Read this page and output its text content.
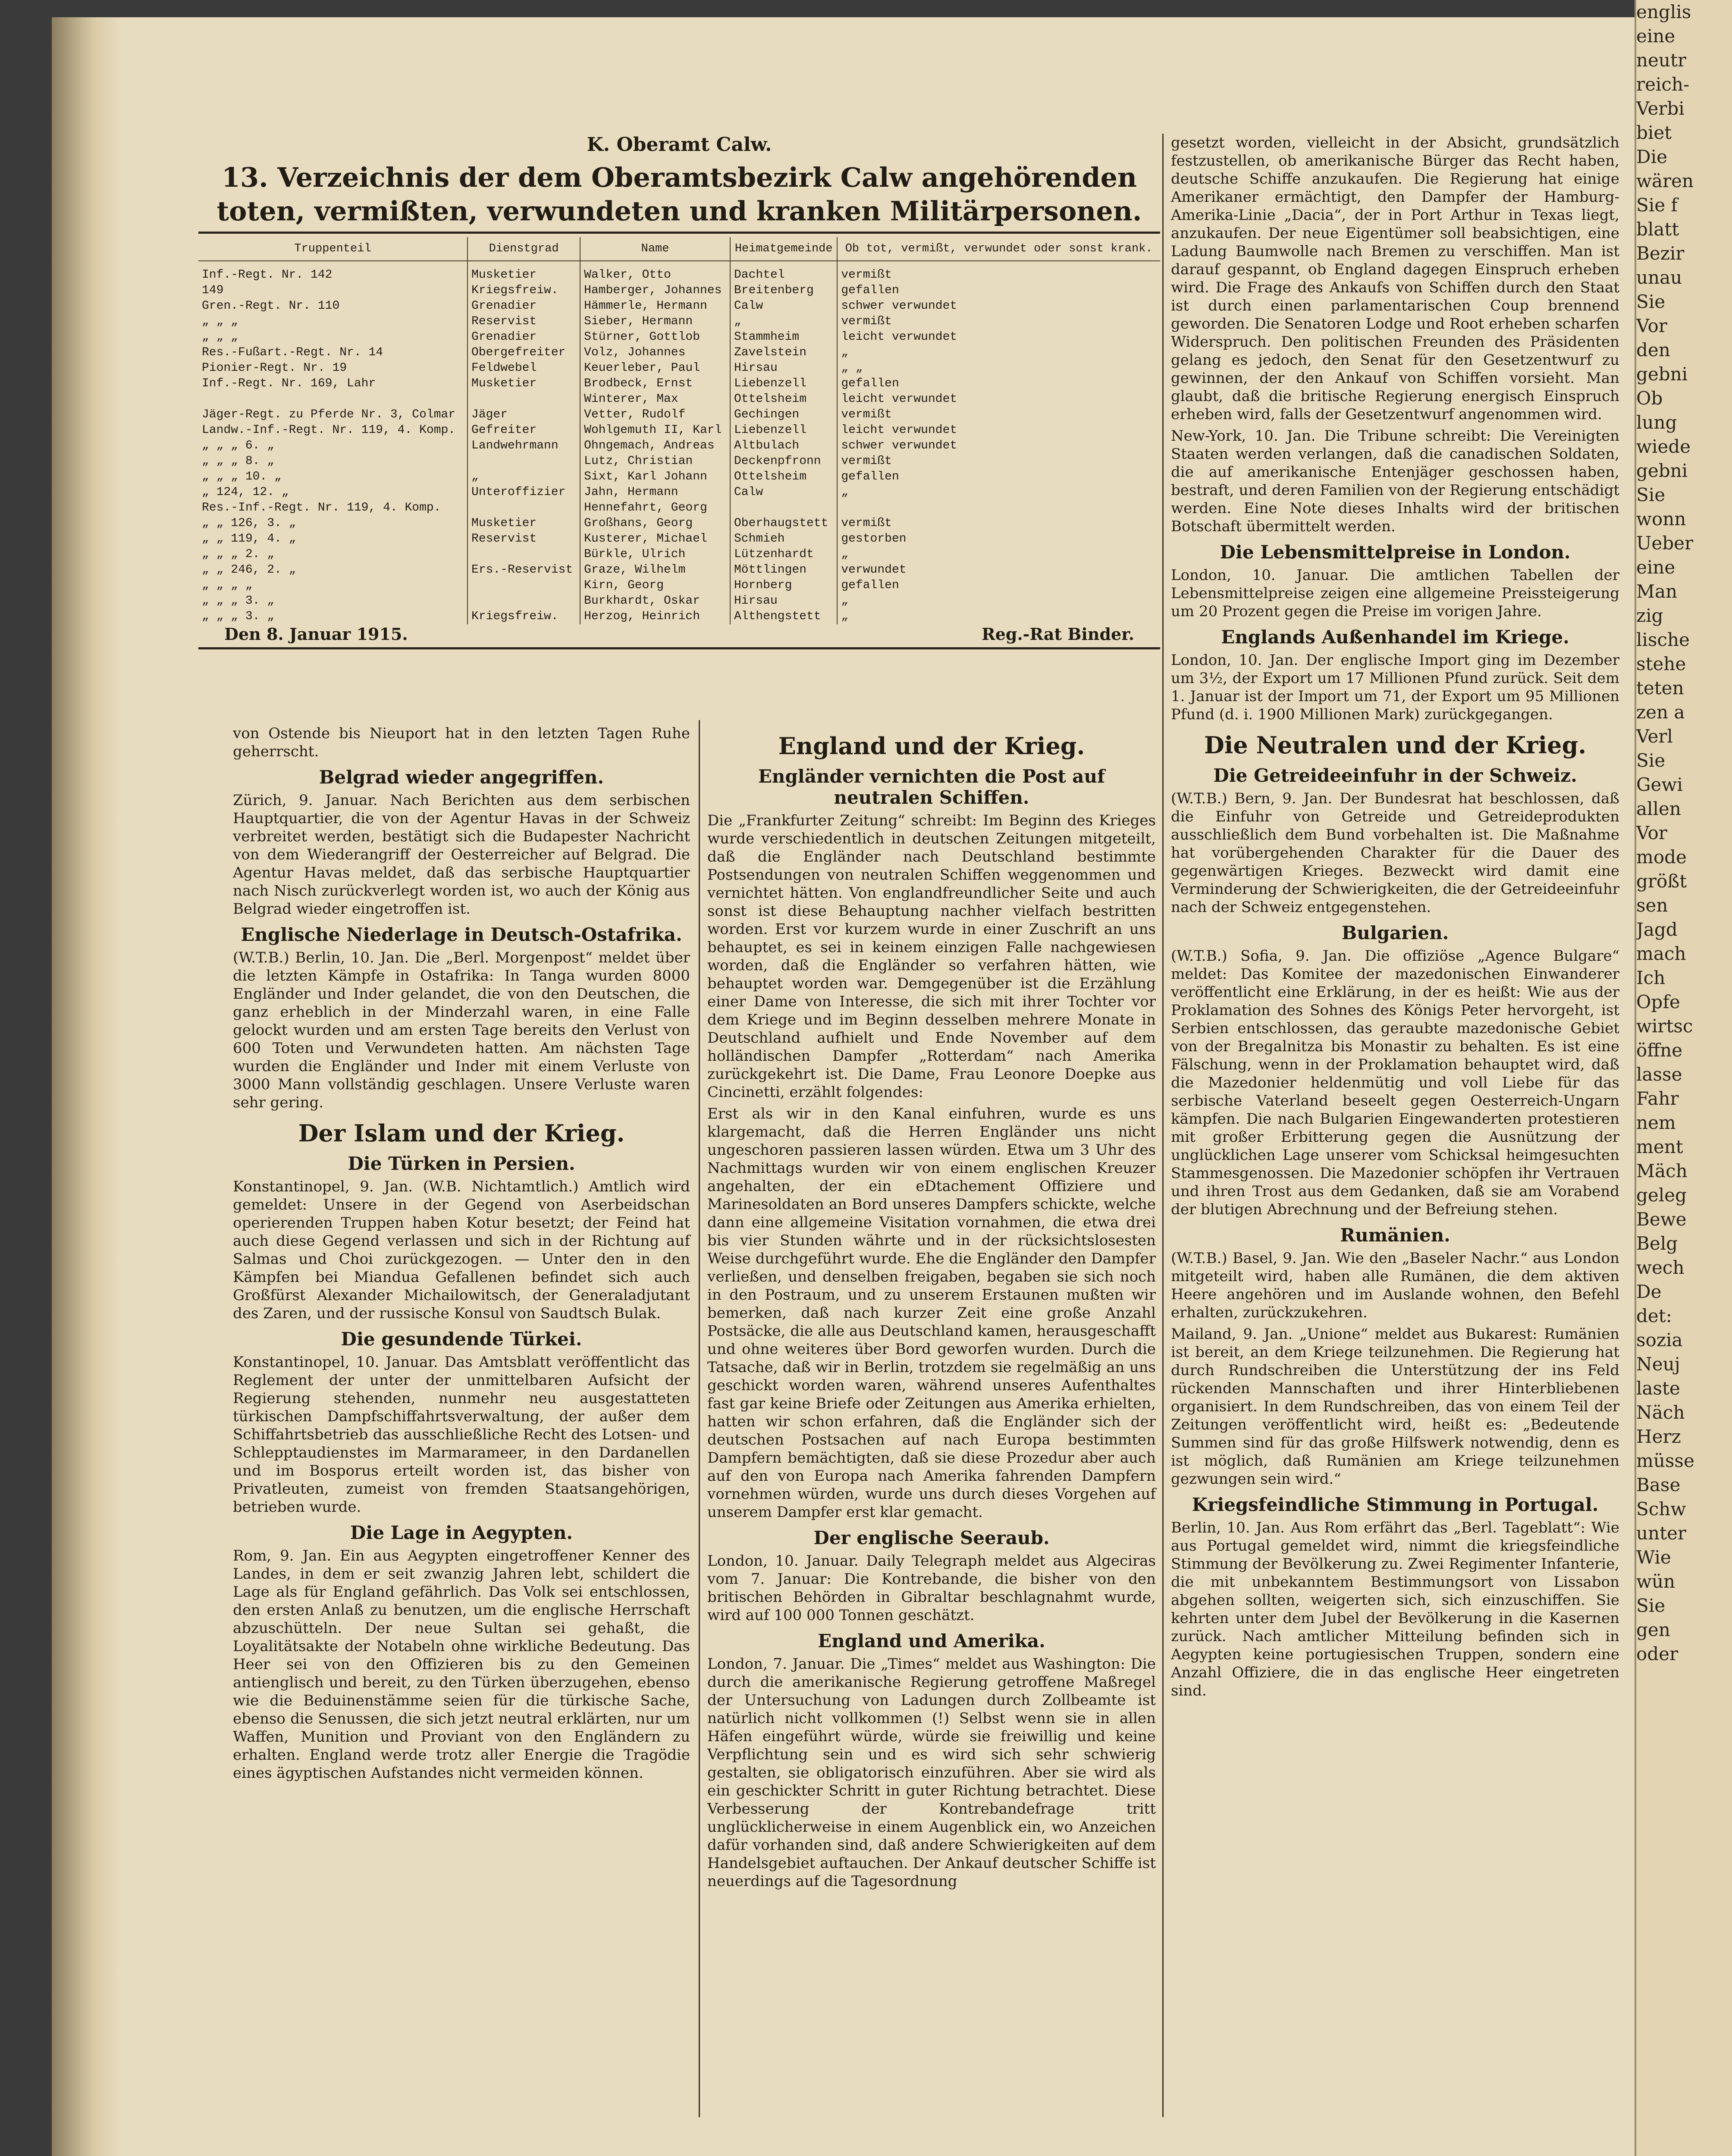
K. Oberamt Calw.
13. Verzeichnis der dem Oberamtsbezirk Calw angehörenden toten, vermißten, verwundeten und kranken Militärpersonen.
Truppenteil	Dienstgrad	Name	Heimatgemeinde	Ob tot, vermißt, verwundet oder sonst krank.
Inf.-Regt. Nr. 142	Musketier	Walker, Otto	Dachtel	vermißt
149	Kriegsfreiw.	Hamberger, Johannes	Breitenberg	gefallen
Gren.-Regt. Nr. 110	Grenadier	Hämmerle, Hermann	Calw	schwer verwundet
„ „ „	Reservist	Sieber, Hermann	„	vermißt
„ „ „	Grenadier	Stürner, Gottlob	Stammheim	leicht verwundet
Res.-Fußart.-Regt. Nr. 14	Obergefreiter	Volz, Johannes	Zavelstein	„
Pionier-Regt. Nr. 19	Feldwebel	Keuerleber, Paul	Hirsau	„ „
Inf.-Regt. Nr. 169, Lahr	Musketier	Brodbeck, Ernst	Liebenzell	gefallen
		Winterer, Max	Ottelsheim	leicht verwundet
Jäger-Regt. zu Pferde Nr. 3, Colmar	Jäger	Vetter, Rudolf	Gechingen	vermißt
Landw.-Inf.-Regt. Nr. 119, 4. Komp.	Gefreiter	Wohlgemuth II, Karl	Liebenzell	leicht verwundet
„ „ „ 6. „	Landwehrmann	Ohngemach, Andreas	Altbulach	schwer verwundet
„ „ „ 8. „		Lutz, Christian	Deckenpfronn	vermißt
„ „ „ 10. „	„	Sixt, Karl Johann	Ottelsheim	gefallen
„ 124, 12. „	Unteroffizier	Jahn, Hermann	Calw	„
Res.-Inf.-Regt. Nr. 119, 4. Komp.		Hennefahrt, Georg		
„ „ 126, 3. „	Musketier	Großhans, Georg	Oberhaugstett	vermißt
„ „ 119, 4. „	Reservist	Kusterer, Michael	Schmieh	gestorben
„ „ „ 2. „		Bürkle, Ulrich	Lützenhardt	„
„ „ 246, 2. „	Ers.-Reservist	Graze, Wilhelm	Möttlingen	verwundet
„ „ „ „		Kirn, Georg	Hornberg	gefallen
„ „ „ 3. „		Burkhardt, Oskar	Hirsau	„
„ „ „ 3. „	Kriegsfreiw.	Herzog, Heinrich	Althengstett	„
Den 8. Januar 1915.	Reg.-Rat Binder.

von Ostende bis Nieuport hat in den letzten Tagen Ruhe geherrscht.

Belgrad wieder angegriffen.

Zürich, 9. Januar. Nach Berichten aus dem serbischen Hauptquartier, die von der Agentur Havas in der Schweiz verbreitet werden, bestätigt sich die Budapester Nachricht von dem Wiederangriff der Oesterreicher auf Belgrad. Die Agentur Havas meldet, daß das serbische Hauptquartier nach Nisch zurückverlegt worden ist, wo auch der König aus Belgrad wieder eingetroffen ist.

Englische Niederlage in Deutsch-Ostafrika.

(W.T.B.) Berlin, 10. Jan. Die „Berl. Morgenpost“ meldet über die letzten Kämpfe in Ostafrika: In Tanga wurden 8000 Engländer und Inder gelandet, die von den Deutschen, die ganz erheblich in der Minderzahl waren, in eine Falle gelockt wurden und am ersten Tage bereits den Verlust von 600 Toten und Verwundeten hatten. Am nächsten Tage wurden die Engländer und Inder mit einem Verluste von 3000 Mann vollständig geschlagen. Unsere Verluste waren sehr gering.

Der Islam und der Krieg.
Die Türken in Persien.

Konstantinopel, 9. Jan. (W.B. Nichtamtlich.) Amtlich wird gemeldet: Unsere in der Gegend von Aserbeidschan operierenden Truppen haben Kotur besetzt; der Feind hat auch diese Gegend verlassen und sich in der Richtung auf Salmas und Choi zurückgezogen. — Unter den in den Kämpfen bei Miandua Gefallenen befindet sich auch Großfürst Alexander Michailowitsch, der Generaladjutant des Zaren, und der russische Konsul von Saudtsch Bulak.

Die gesundende Türkei.

Konstantinopel, 10. Januar. Das Amtsblatt veröffentlicht das Reglement der unter der unmittelbaren Aufsicht der Regierung stehenden, nunmehr neu ausgestatteten türkischen Dampfschiffahrtsverwaltung, der außer dem Schiffahrtsbetrieb das ausschließliche Recht des Lotsen- und Schlepptaudienstes im Marmarameer, in den Dardanellen und im Bosporus erteilt worden ist, das bisher von Privatleuten, zumeist von fremden Staatsangehörigen, betrieben wurde.

Die Lage in Aegypten.

Rom, 9. Jan. Ein aus Aegypten eingetroffener Kenner des Landes, in dem er seit zwanzig Jahren lebt, schildert die Lage als für England gefährlich. Das Volk sei entschlossen, den ersten Anlaß zu benutzen, um die englische Herrschaft abzuschütteln. Der neue Sultan sei gehaßt, die Loyalitätsakte der Notabeln ohne wirkliche Bedeutung. Das Heer sei von den Offizieren bis zu den Gemeinen antienglisch und bereit, zu den Türken überzugehen, ebenso wie die Beduinenstämme seien für die türkische Sache, ebenso die Senussen, die sich jetzt neutral erklärten, nur um Waffen, Munition und Proviant von den Engländern zu erhalten. England werde trotz aller Energie die Tragödie eines ägyptischen Aufstandes nicht vermeiden können.

England und der Krieg.
Engländer vernichten die Post auf neutralen Schiffen.

Die „Frankfurter Zeitung“ schreibt: Im Beginn des Krieges wurde verschiedentlich in deutschen Zeitungen mitgeteilt, daß die Engländer nach Deutschland bestimmte Postsendungen von neutralen Schiffen weggenommen und vernichtet hätten. Von englandfreundlicher Seite und auch sonst ist diese Behauptung nachher vielfach bestritten worden. Erst vor kurzem wurde in einer Zuschrift an uns behauptet, es sei in keinem einzigen Falle nachgewiesen worden, daß die Engländer so verfahren hätten, wie behauptet worden war. Demgegenüber ist die Erzählung einer Dame von Interesse, die sich mit ihrer Tochter vor dem Kriege und im Beginn desselben mehrere Monate in Deutschland aufhielt und Ende November auf dem holländischen Dampfer „Rotterdam“ nach Amerika zurückgekehrt ist. Die Dame, Frau Leonore Doepke aus Cincinetti, erzählt folgendes:

Erst als wir in den Kanal einfuhren, wurde es uns klargemacht, daß die Herren Engländer uns nicht ungeschoren passieren lassen würden. Etwa um 3 Uhr des Nachmittags wurden wir von einem englischen Kreuzer angehalten, der ein eDtachement Offiziere und Marinesoldaten an Bord unseres Dampfers schickte, welche dann eine allgemeine Visitation vornahmen, die etwa drei bis vier Stunden währte und in der rücksichtslosesten Weise durchgeführt wurde. Ehe die Engländer den Dampfer verließen, und denselben freigaben, begaben sie sich noch in den Postraum, und zu unserem Erstaunen mußten wir bemerken, daß nach kurzer Zeit eine große Anzahl Postsäcke, die alle aus Deutschland kamen, herausgeschafft und ohne weiteres über Bord geworfen wurden. Durch die Tatsache, daß wir in Berlin, trotzdem sie regelmäßig an uns geschickt worden waren, während unseres Aufenthaltes fast gar keine Briefe oder Zeitungen aus Amerika erhielten, hatten wir schon erfahren, daß die Engländer sich der deutschen Postsachen auf nach Europa bestimmten Dampfern bemächtigten, daß sie diese Prozedur aber auch auf den von Europa nach Amerika fahrenden Dampfern vornehmen würden, wurde uns durch dieses Vorgehen auf unserem Dampfer erst klar gemacht.

Der englische Seeraub.

London, 10. Januar. Daily Telegraph meldet aus Algeciras vom 7. Januar: Die Kontrebande, die bisher von den britischen Behörden in Gibraltar beschlagnahmt wurde, wird auf 100 000 Tonnen geschätzt.

England und Amerika.

London, 7. Januar. Die „Times“ meldet aus Washington: Die durch die amerikanische Regierung getroffene Maßregel der Untersuchung von Ladungen durch Zollbeamte ist natürlich nicht vollkommen (!) Selbst wenn sie in allen Häfen eingeführt würde, würde sie freiwillig und keine Verpflichtung sein und es wird sich sehr schwierig gestalten, sie obligatorisch einzuführen. Aber sie wird als ein geschickter Schritt in guter Richtung betrachtet. Diese Verbesserung der Kontrebandefrage tritt unglücklicherweise in einem Augenblick ein, wo Anzeichen dafür vorhanden sind, daß andere Schwierigkeiten auf dem Handelsgebiet auftauchen. Der Ankauf deutscher Schiffe ist neuerdings auf die Tagesordnung

gesetzt worden, vielleicht in der Absicht, grundsätzlich festzustellen, ob amerikanische Bürger das Recht haben, deutsche Schiffe anzukaufen. Die Regierung hat einige Amerikaner ermächtigt, den Dampfer der Hamburg-Amerika-Linie „Dacia“, der in Port Arthur in Texas liegt, anzukaufen. Der neue Eigentümer soll beabsichtigen, eine Ladung Baumwolle nach Bremen zu verschiffen. Man ist darauf gespannt, ob England dagegen Einspruch erheben wird. Die Frage des Ankaufs von Schiffen durch den Staat ist durch einen parlamentarischen Coup brennend geworden. Die Senatoren Lodge und Root erheben scharfen Widerspruch. Den politischen Freunden des Präsidenten gelang es jedoch, den Senat für den Gesetzentwurf zu gewinnen, der den Ankauf von Schiffen vorsieht. Man glaubt, daß die britische Regierung energisch Einspruch erheben wird, falls der Gesetzentwurf angenommen wird.

New-York, 10. Jan. Die Tribune schreibt: Die Vereinigten Staaten werden verlangen, daß die canadischen Soldaten, die auf amerikanische Entenjäger geschossen haben, bestraft, und deren Familien von der Regierung entschädigt werden. Eine Note dieses Inhalts wird der britischen Botschaft übermittelt werden.

Die Lebensmittelpreise in London.

London, 10. Januar. Die amtlichen Tabellen der Lebensmittelpreise zeigen eine allgemeine Preissteigerung um 20 Prozent gegen die Preise im vorigen Jahre.

Englands Außenhandel im Kriege.

London, 10. Jan. Der englische Import ging im Dezember um 3½, der Export um 17 Millionen Pfund zurück. Seit dem 1. Januar ist der Import um 71, der Export um 95 Millionen Pfund (d. i. 1900 Millionen Mark) zurückgegangen.

Die Neutralen und der Krieg.
Die Getreideeinfuhr in der Schweiz.

(W.T.B.) Bern, 9. Jan. Der Bundesrat hat beschlossen, daß die Einfuhr von Getreide und Getreideprodukten ausschließlich dem Bund vorbehalten ist. Die Maßnahme hat vorübergehenden Charakter für die Dauer des gegenwärtigen Krieges. Bezweckt wird damit eine Verminderung der Schwierigkeiten, die der Getreideeinfuhr nach der Schweiz entgegenstehen.

Bulgarien.

(W.T.B.) Sofia, 9. Jan. Die offiziöse „Agence Bulgare“ meldet: Das Komitee der mazedonischen Einwanderer veröffentlicht eine Erklärung, in der es heißt: Wie aus der Proklamation des Sohnes des Königs Peter hervorgeht, ist Serbien entschlossen, das geraubte mazedonische Gebiet von der Bregalnitza bis Monastir zu behalten. Es ist eine Fälschung, wenn in der Proklamation behauptet wird, daß die Mazedonier heldenmütig und voll Liebe für das serbische Vaterland beseelt gegen Oesterreich-Ungarn kämpfen. Die nach Bulgarien Eingewanderten protestieren mit großer Erbitterung gegen die Ausnützung der unglücklichen Lage unserer vom Schicksal heimgesuchten Stammesgenossen. Die Mazedonier schöpfen ihr Vertrauen und ihren Trost aus dem Gedanken, daß sie am Vorabend der blutigen Abrechnung und der Befreiung stehen.

Rumänien.

(W.T.B.) Basel, 9. Jan. Wie den „Baseler Nachr.“ aus London mitgeteilt wird, haben alle Rumänen, die dem aktiven Heere angehören und im Auslande wohnen, den Befehl erhalten, zurückzukehren.

Mailand, 9. Jan. „Unione“ meldet aus Bukarest: Rumänien ist bereit, an dem Kriege teilzunehmen. Die Regierung hat durch Rundschreiben die Unterstützung der ins Feld rückenden Mannschaften und ihrer Hinterbliebenen organisiert. In dem Rundschreiben, das von einem Teil der Zeitungen veröffentlicht wird, heißt es: „Bedeutende Summen sind für das große Hilfswerk notwendig, denn es ist möglich, daß Rumänien am Kriege teilzunehmen gezwungen sein wird.“

Kriegsfeindliche Stimmung in Portugal.

Berlin, 10. Jan. Aus Rom erfährt das „Berl. Tageblatt“: Wie aus Portugal gemeldet wird, nimmt die kriegsfeindliche Stimmung der Bevölkerung zu. Zwei Regimenter Infanterie, die mit unbekanntem Bestimmungsort von Lissabon abgehen sollten, weigerten sich, sich einzuschiffen. Sie kehrten unter dem Jubel der Bevölkerung in die Kasernen zurück. Nach amtlicher Mitteilung befinden sich in Aegypten keine portugiesischen Truppen, sondern eine Anzahl Offiziere, die in das englische Heer eingetreten sind.

englis

eine

neutr

reich-

Verbi

biet

Die

wären

Sie f

blatt

Bezir

unau

Sie

Vor

den

gebni

Ob

lung

wiede

gebni

Sie

wonn

Ueber

eine

Man

zig

lische

stehe

teten

zen a

Verl

Sie

Gewi

allen

Vor

mode

größt

sen

Jagd

mach

Ich

Opfe

wirtsc

öffne

lasse

Fahr

nem

ment

Mäch

geleg

Bewe

Belg

wech

De

det:

sozia

Neuj

laste

Näch

Herz

müsse

Base

Schw

unter

Wie

wün

Sie

gen

oder
